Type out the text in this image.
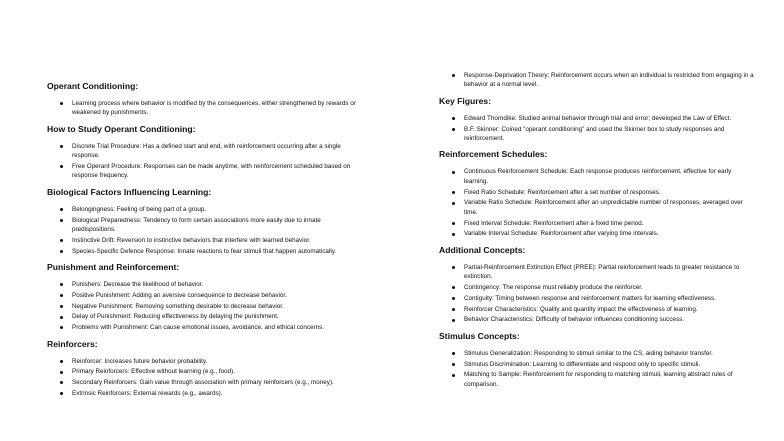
Operant Conditioning:
Learning process where behavior is modified by the consequences, either strengthened by rewards or weakened by punishments.
How to Study Operant Conditioning:
Discrete Trial Procedure: Has a defined start and end, with reinforcement occurring after a single response.
Free Operant Procedure: Responses can be made anytime, with reinforcement scheduled based on response frequency.
Biological Factors Influencing Learning:
Belongingness: Feeling of being part of a group.
Biological Preparedness: Tendency to form certain associations more easily due to innate predispositions.
Instinctive Drift: Reversion to instinctive behaviors that interfere with learned behavior.
Species-Specific Defence Response: Innate reactions to fear stimuli that happen automatically.
Punishment and Reinforcement:
Punishers: Decrease the likelihood of behavior.
Positive Punishment: Adding an aversive consequence to decrease behavior.
Negative Punishment: Removing something desirable to decrease behavior.
Delay of Punishment: Reducing effectiveness by delaying the punishment.
Problems with Punishment: Can cause emotional issues, avoidance, and ethical concerns.
Reinforcers:
Reinforcer: Increases future behavior probability.
Primary Reinforcers: Effective without learning (e.g., food).
Secondary Reinforcers: Gain value through association with primary reinforcers (e.g., money).
Extrinsic Reinforcers: External rewards (e.g., awards).
Response-Deprivation Theory: Reinforcement occurs when an individual is restricted from engaging in a behavior at a normal level.
Key Figures:
Edward Thorndike: Studied animal behavior through trial and error; developed the Law of Effect.
B.F. Skinner: Coined "operant conditioning" and used the Skinner box to study responses and reinforcement.
Reinforcement Schedules:
Continuous Reinforcement Schedule: Each response produces reinforcement, effective for early learning.
Fixed Ratio Schedule: Reinforcement after a set number of responses.
Variable Ratio Schedule: Reinforcement after an unpredictable number of responses, averaged over time.
Fixed Interval Schedule: Reinforcement after a fixed time period.
Variable Interval Schedule: Reinforcement after varying time intervals.
Additional Concepts:
Partial-Reinforcement Extinction Effect (PREE): Partial reinforcement leads to greater resistance to extinction.
Contingency: The response must reliably produce the reinforcer.
Contiguity: Timing between response and reinforcement matters for learning effectiveness.
Reinforcer Characteristics: Quality and quantity impact the effectiveness of learning.
Behavior Characteristics: Difficulty of behavior influences conditioning success.
Stimulus Concepts:
Stimulus Generalization: Responding to stimuli similar to the CS, aiding behavior transfer.
Stimulus Discrimination: Learning to differentiate and respond only to specific stimuli.
Matching to Sample: Reinforcement for responding to matching stimuli, learning abstract rules of comparison.
